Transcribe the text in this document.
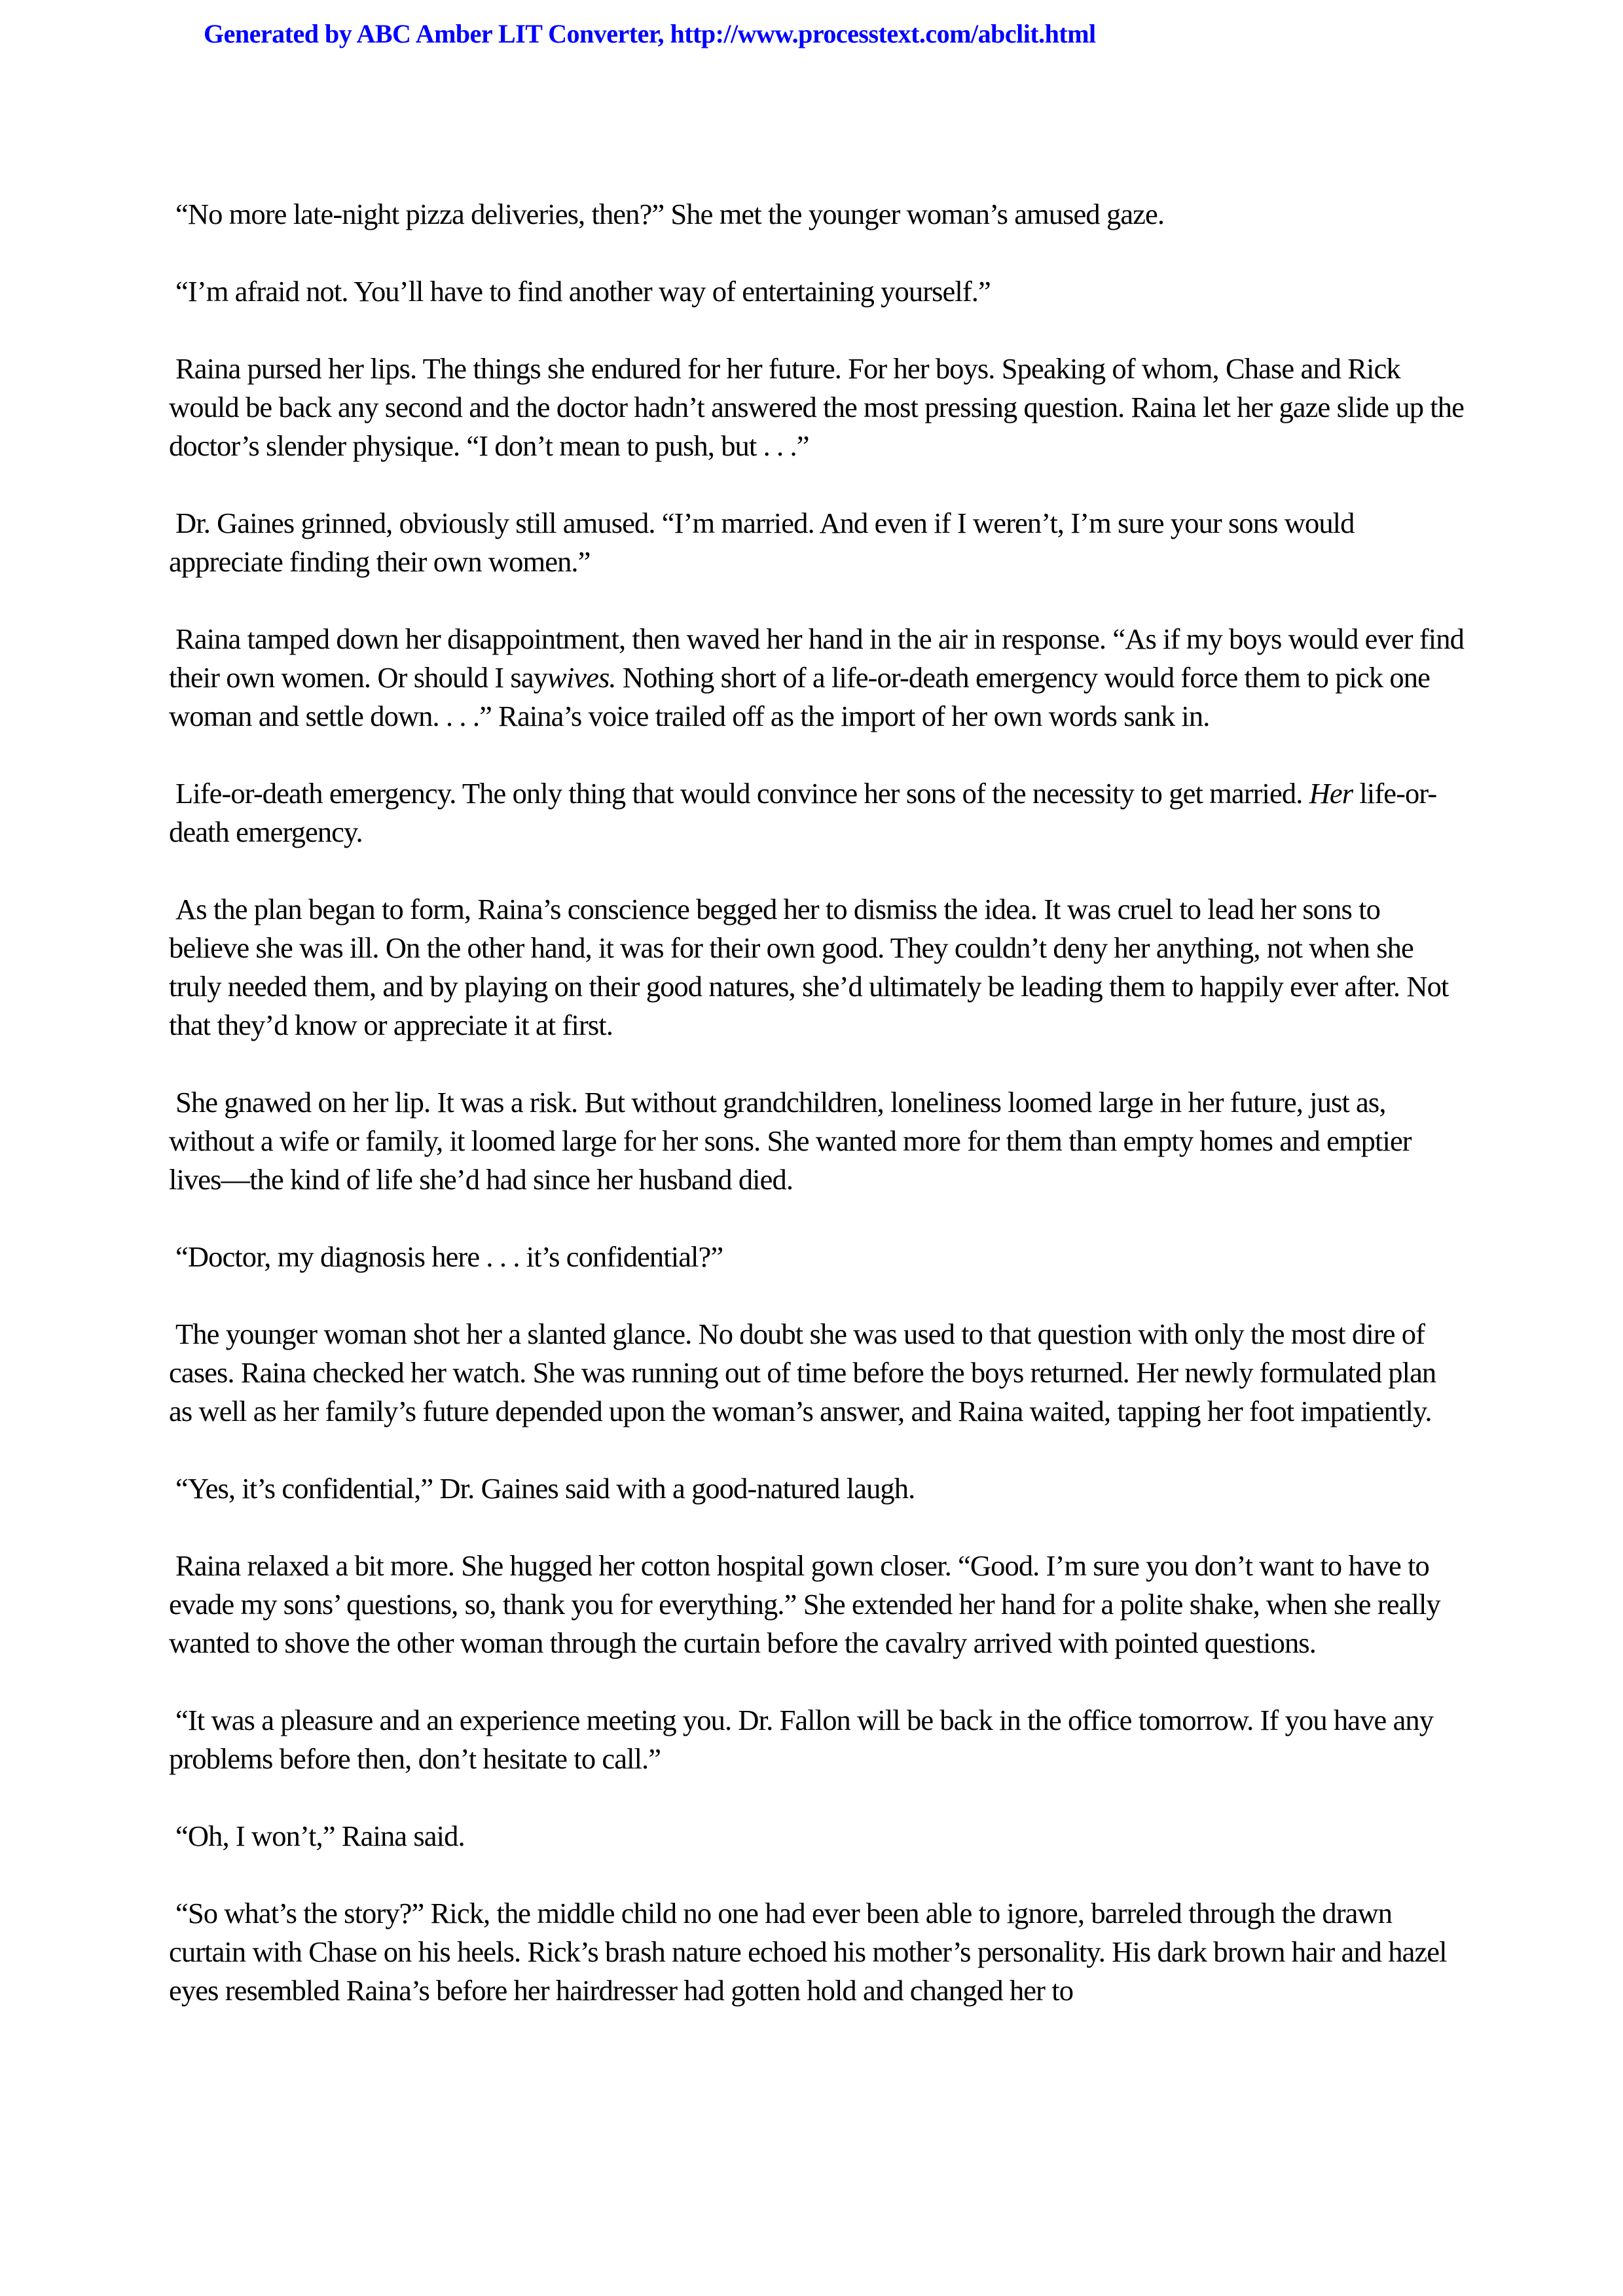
Generated by ABC Amber LIT Converter, http://www.processtext.com/abclit.html

“No more late-night pizza deliveries, then?” She met the younger woman’s amused gaze.

“I’m afraid not. You’ll have to find another way of entertaining yourself.”

Raina pursed her lips. The things she endured for her future. For her boys. Speaking of whom, Chase and Rick would be back any second and the doctor hadn’t answered the most pressing question. Raina let her gaze slide up the doctor’s slender physique. “I don’t mean to push, but . . .”

Dr. Gaines grinned, obviously still amused. “I’m married. And even if I weren’t, I’m sure your sons would appreciate finding their own women.”

Raina tamped down her disappointment, then waved her hand in the air in response. “As if my boys would ever find their own women. Or should I saywives. Nothing short of a life-or-death emergency would force them to pick one woman and settle down. . . .” Raina’s voice trailed off as the import of her own words sank in.

Life-or-death emergency. The only thing that would convince her sons of the necessity to get married. Her life-or-death emergency.

As the plan began to form, Raina’s conscience begged her to dismiss the idea. It was cruel to lead her sons to believe she was ill. On the other hand, it was for their own good. They couldn’t deny her anything, not when she truly needed them, and by playing on their good natures, she’d ultimately be leading them to happily ever after. Not that they’d know or appreciate it at first.

She gnawed on her lip. It was a risk. But without grandchildren, loneliness loomed large in her future, just as, without a wife or family, it loomed large for her sons. She wanted more for them than empty homes and emptier lives—the kind of life she’d had since her husband died.

“Doctor, my diagnosis here . . . it’s confidential?”

The younger woman shot her a slanted glance. No doubt she was used to that question with only the most dire of cases. Raina checked her watch. She was running out of time before the boys returned. Her newly formulated plan as well as her family’s future depended upon the woman’s answer, and Raina waited, tapping her foot impatiently.

“Yes, it’s confidential,” Dr. Gaines said with a good-natured laugh.

Raina relaxed a bit more. She hugged her cotton hospital gown closer. “Good. I’m sure you don’t want to have to evade my sons’ questions, so, thank you for everything.” She extended her hand for a polite shake, when she really wanted to shove the other woman through the curtain before the cavalry arrived with pointed questions.

“It was a pleasure and an experience meeting you. Dr. Fallon will be back in the office tomorrow. If you have any problems before then, don’t hesitate to call.”

“Oh, I won’t,” Raina said.

“So what’s the story?” Rick, the middle child no one had ever been able to ignore, barreled through the drawn curtain with Chase on his heels. Rick’s brash nature echoed his mother’s personality. His dark brown hair and hazel eyes resembled Raina’s before her hairdresser had gotten hold and changed her to
